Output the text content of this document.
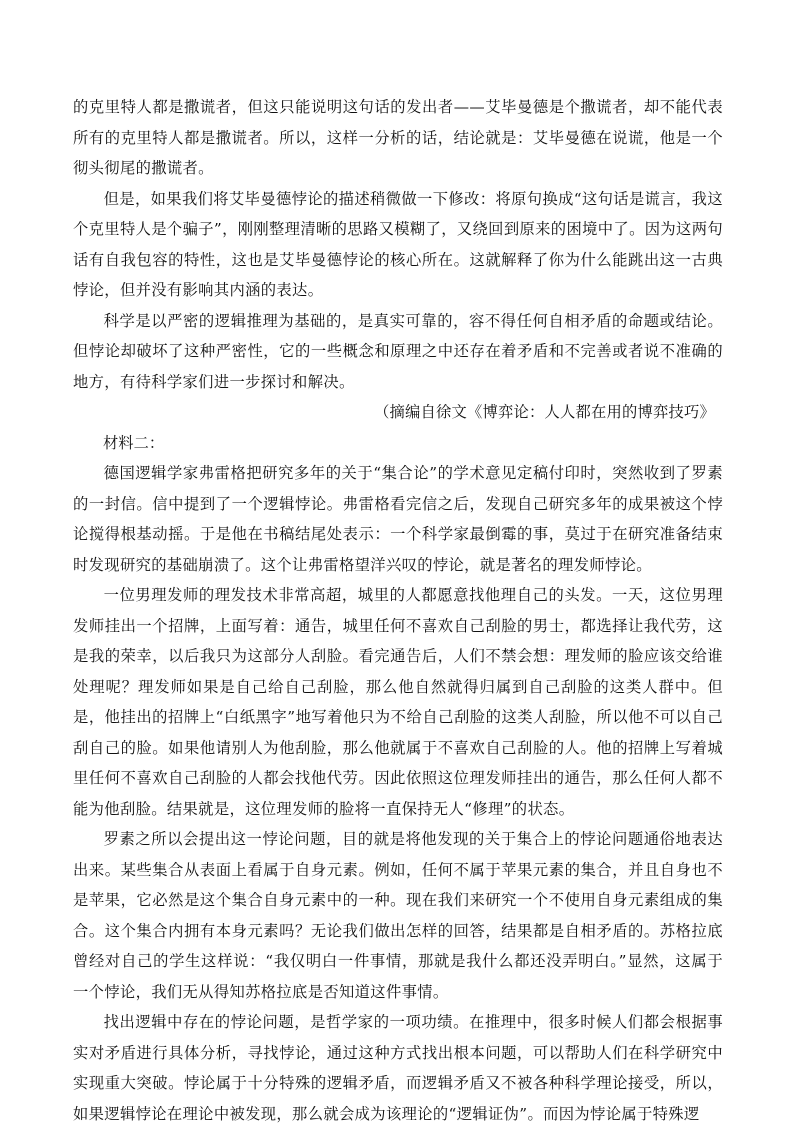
的克里特人都是撒谎者，但这只能说明这句话的发出者——艾毕曼德是个撒谎者，却不能代表所有的克里特人都是撒谎者。所以，这样一分析的话，结论就是：艾毕曼德在说谎，他是一个彻头彻尾的撒谎者。

但是，如果我们将艾毕曼德悖论的描述稍微做一下修改：将原句换成“这句话是谎言，我这个克里特人是个骗子”，刚刚整理清晰的思路又模糊了，又绕回到原来的困境中了。因为这两句话有自我包容的特性，这也是艾毕曼德悖论的核心所在。这就解释了你为什么能跳出这一古典悖论，但并没有影响其内涵的表达。

科学是以严密的逻辑推理为基础的，是真实可靠的，容不得任何自相矛盾的命题或结论。但悖论却破坏了这种严密性，它的一些概念和原理之中还存在着矛盾和不完善或者说不准确的地方，有待科学家们进一步探讨和解决。

（摘编自徐文《博弈论：人人都在用的博弈技巧》

材料二：

德国逻辑学家弗雷格把研究多年的关于“集合论”的学术意见定稿付印时，突然收到了罗素的一封信。信中提到了一个逻辑悖论。弗雷格看完信之后，发现自己研究多年的成果被这个悖论搅得根基动摇。于是他在书稿结尾处表示：一个科学家最倒霉的事，莫过于在研究准备结束时发现研究的基础崩溃了。这个让弗雷格望洋兴叹的悖论，就是著名的理发师悖论。

一位男理发师的理发技术非常高超，城里的人都愿意找他理自己的头发。一天，这位男理发师挂出一个招牌，上面写着：通告，城里任何不喜欢自己刮脸的男士，都选择让我代劳，这是我的荣幸，以后我只为这部分人刮脸。看完通告后，人们不禁会想：理发师的脸应该交给谁处理呢？理发师如果是自己给自己刮脸，那么他自然就得归属到自己刮脸的这类人群中。但是，他挂出的招牌上“白纸黑字”地写着他只为不给自己刮脸的这类人刮脸，所以他不可以自己刮自己的脸。如果他请别人为他刮脸，那么他就属于不喜欢自己刮脸的人。他的招牌上写着城里任何不喜欢自己刮脸的人都会找他代劳。因此依照这位理发师挂出的通告，那么任何人都不能为他刮脸。结果就是，这位理发师的脸将一直保持无人“修理”的状态。

罗素之所以会提出这一悖论问题，目的就是将他发现的关于集合上的悖论问题通俗地表达出来。某些集合从表面上看属于自身元素。例如，任何不属于苹果元素的集合，并且自身也不是苹果，它必然是这个集合自身元素中的一种。现在我们来研究一个不使用自身元素组成的集合。这个集合内拥有本身元素吗？无论我们做出怎样的回答，结果都是自相矛盾的。苏格拉底曾经对自己的学生这样说：“我仅明白一件事情，那就是我什么都还没弄明白。”显然，这属于一个悖论，我们无从得知苏格拉底是否知道这件事情。

找出逻辑中存在的悖论问题，是哲学家的一项功绩。在推理中，很多时候人们都会根据事实对矛盾进行具体分析，寻找悖论，通过这种方式找出根本问题，可以帮助人们在科学研究中实现重大突破。悖论属于十分特殊的逻辑矛盾，而逻辑矛盾又不被各种科学理论接受，所以，如果逻辑悖论在理论中被发现，那么就会成为该理论的“逻辑证伪”。而因为悖论属于特殊逻
